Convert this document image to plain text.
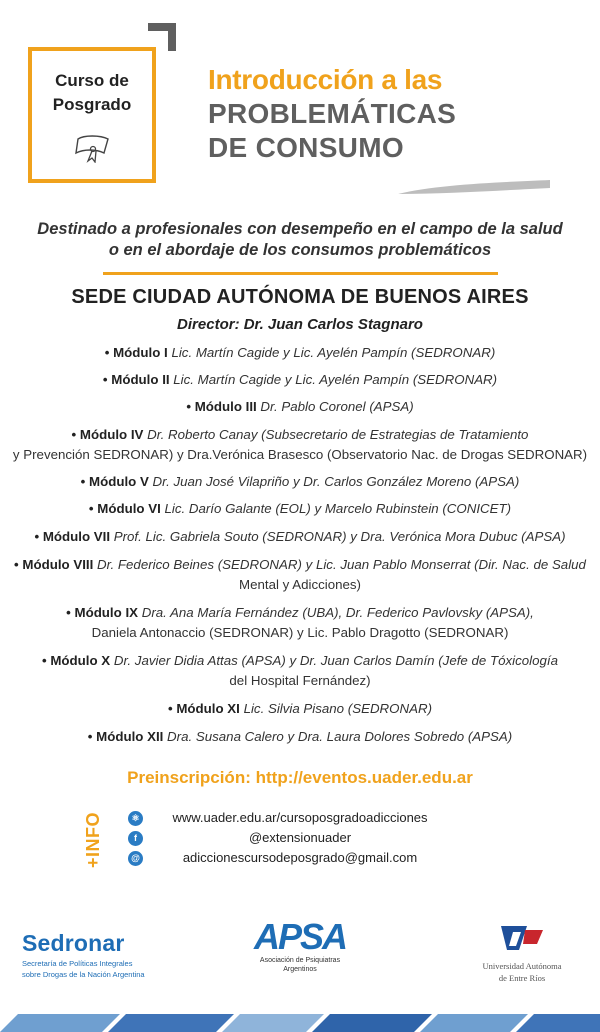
Curso de
Posgrado
Introducción a las
PROBLEMÁTICAS
DE CONSUMO
Destinado a profesionales con desempeño en el campo de la salud
o en el abordaje de los consumos problemáticos
SEDE CIUDAD AUTÓNOMA DE BUENOS AIRES
Director: Dr. Juan Carlos Stagnaro
• Módulo I Lic. Martín Cagide y Lic. Ayelén Pampín (SEDRONAR)
• Módulo II Lic. Martín Cagide y Lic. Ayelén Pampín (SEDRONAR)
• Módulo III Dr. Pablo Coronel (APSA)
• Módulo IV Dr. Roberto Canay (Subsecretario de Estrategias de Tratamiento
y Prevención SEDRONAR) y Dra.Verónica Brasesco (Observatorio Nac. de Drogas SEDRONAR)
• Módulo V Dr. Juan José Vilapriño y Dr. Carlos González Moreno (APSA)
• Módulo VI Lic. Darío Galante (EOL) y Marcelo Rubinstein (CONICET)
• Módulo VII Prof. Lic. Gabriela Souto (SEDRONAR) y Dra. Verónica Mora Dubuc (APSA)
• Módulo VIII Dr. Federico Beines (SEDRONAR) y Lic. Juan Pablo Monserrat (Dir. Nac. de Salud
Mental y Adicciones)
• Módulo IX Dra. Ana María Fernández (UBA), Dr. Federico Pavlovsky (APSA),
Daniela Antonaccio (SEDRONAR) y Lic. Pablo Dragotto (SEDRONAR)
• Módulo X Dr. Javier Didia Attas (APSA) y Dr. Juan Carlos Damín (Jefe de Tóxicología
del Hospital Fernández)
• Módulo XI Lic. Silvia Pisano (SEDRONAR)
• Módulo XII Dra. Susana Calero y Dra. Laura Dolores Sobredo (APSA)
Preinscripción: http://eventos.uader.edu.ar
+INFO	⚛
f
@
www.uader.edu.ar/cursoposgradoadicciones
@extensionuader
adiccionescursodeposgrado@gmail.com
Sedronar
Secretaría de Políticas Integrales
sobre Drogas de la Nación Argentina
APSA
Asociación de Psiquiatras
Argentinos	Universidad Autónoma
de Entre Ríos
